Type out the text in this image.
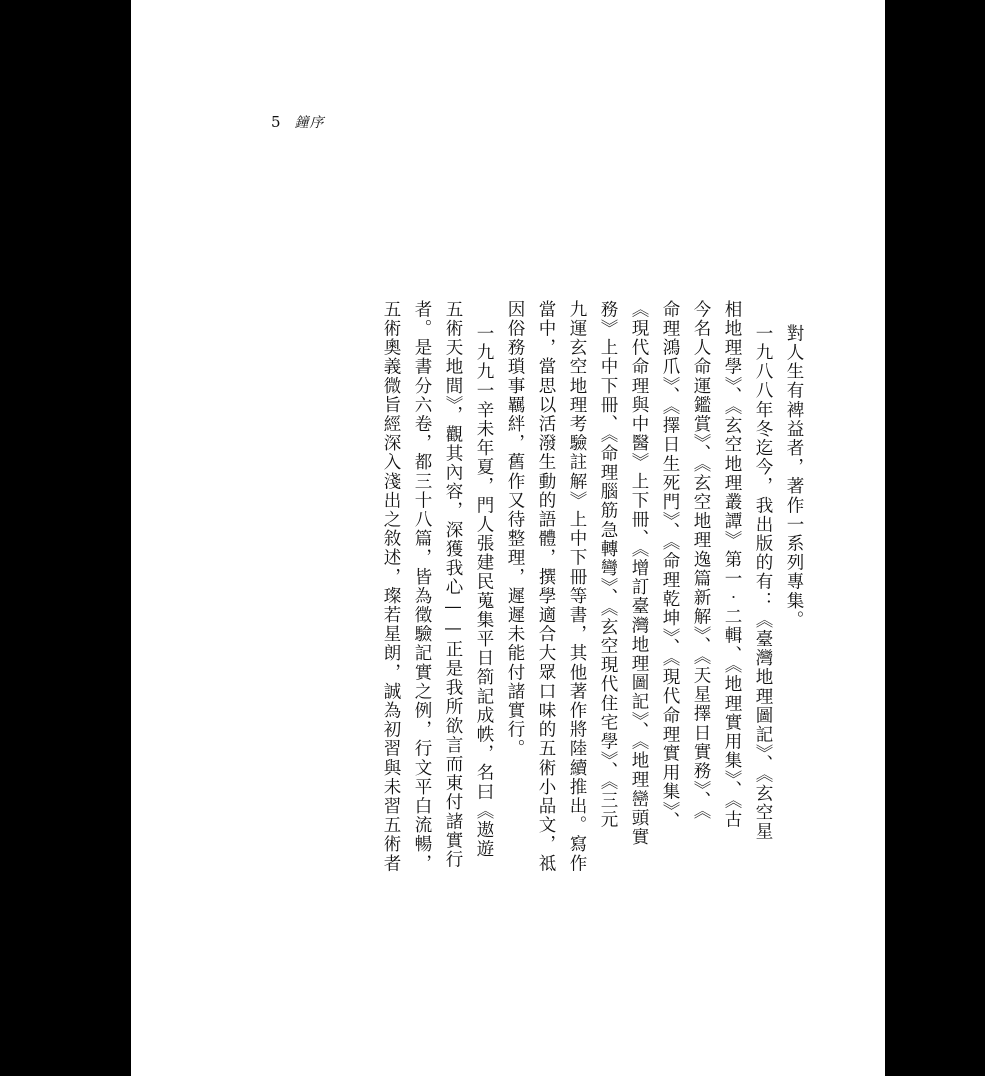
5 鐘序
對人生有裨益者，著作一系列專集。
一九八八年冬迄今，我出版的有：《臺灣地理圖記》、《玄空星
相地理學》、《玄空地理叢譚》第一‧二輯、《地理實用集》、《古
今名人命運鑑賞》、《玄空地理逸篇新解》、《天星擇日實務》、《
命理鴻爪》、《擇日生死門》、《命理乾坤》、《現代命理實用集》、
《現代命理與中醫》上下冊、《增訂臺灣地理圖記》、《地理巒頭實
務》上中下冊、《命理腦筋急轉彎》、《玄空現代住宅學》、《三元
九運玄空地理考驗註解》上中下冊等書，其他著作將陸續推出。寫作
當中，當思以活潑生動的語體，撰學適合大眾口味的五術小品文，祗
因俗務瑣事羈絆，舊作又待整理，遲遲未能付諸實行。
一九九一辛未年夏，門人張建民蒐集平日箚記成帙，名曰《遨遊
五術天地間》，觀其內容，深獲我心——正是我所欲言而東付諸實行
者。是書分六卷，都三十八篇，皆為徵驗記實之例，行文平白流暢，
五術奧義微旨經深入淺出之敘述，璨若星朗，誠為初習與未習五術者
